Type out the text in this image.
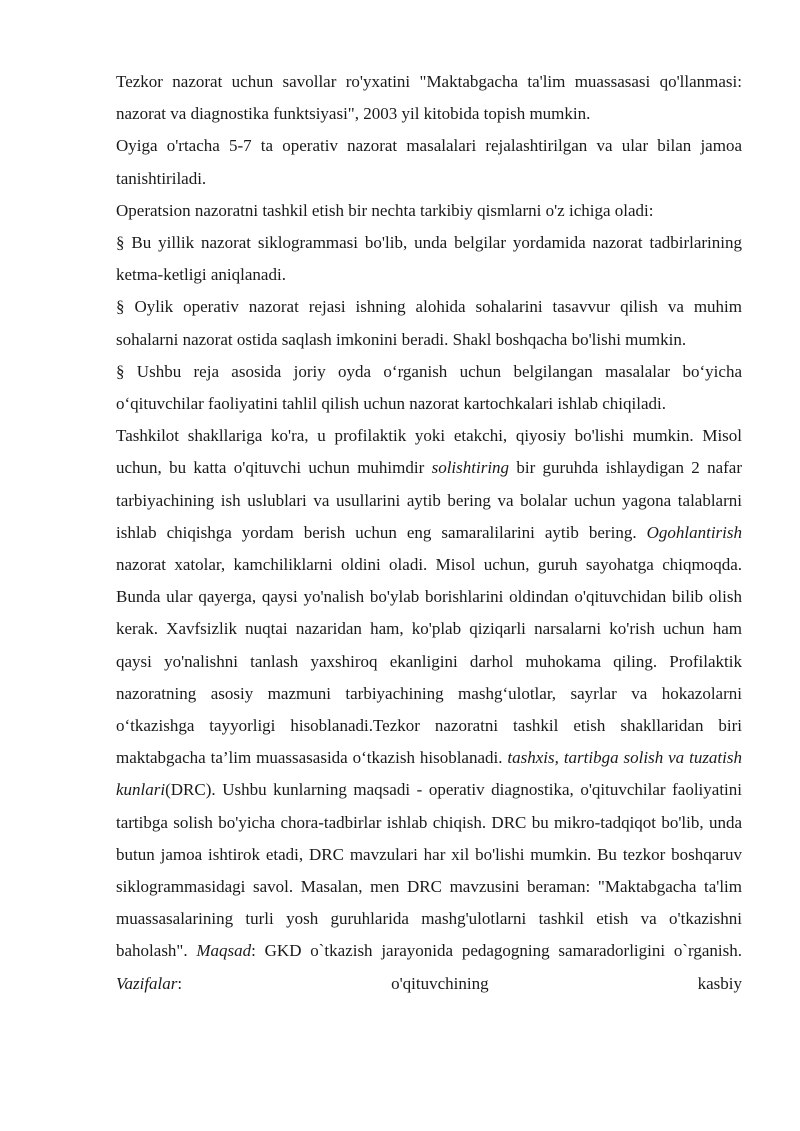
Tezkor nazorat uchun savollar ro'yxatini "Maktabgacha ta'lim muassasasi qo'llanmasi: nazorat va diagnostika funktsiyasi", 2003 yil kitobida topish mumkin.

Oyiga o'rtacha 5-7 ta operativ nazorat masalalari rejalashtirilgan va ular bilan jamoa tanishtiriladi.

Operatsion nazoratni tashkil etish bir nechta tarkibiy qismlarni o'z ichiga oladi:

§ Bu yillik nazorat siklogrammasi bo'lib, unda belgilar yordamida nazorat tadbirlarining ketma-ketligi aniqlanadi.

§ Oylik operativ nazorat rejasi ishning alohida sohalarini tasavvur qilish va muhim sohalarni nazorat ostida saqlash imkonini beradi. Shakl boshqacha bo'lishi mumkin.

§ Ushbu reja asosida joriy oyda o‘rganish uchun belgilangan masalalar bo‘yicha o‘qituvchilar faoliyatini tahlil qilish uchun nazorat kartochkalari ishlab chiqiladi.

Tashkilot shakllariga ko'ra, u profilaktik yoki etakchi, qiyosiy bo'lishi mumkin. Misol uchun, bu katta o'qituvchi uchun muhimdir solishtiring bir guruhda ishlaydigan 2 nafar tarbiyachining ish uslublari va usullarini aytib bering va bolalar uchun yagona talablarni ishlab chiqishga yordam berish uchun eng samaralilarini aytib bering. Ogohlantirish nazorat xatolar, kamchiliklarni oldini oladi. Misol uchun, guruh sayohatga chiqmoqda. Bunda ular qayerga, qaysi yo'nalish bo'ylab borishlarini oldindan o'qituvchidan bilib olish kerak. Xavfsizlik nuqtai nazaridan ham, ko'plab qiziqarli narsalarni ko'rish uchun ham qaysi yo'nalishni tanlash yaxshiroq ekanligini darhol muhokama qiling. Profilaktik nazoratning asosiy mazmuni tarbiyachining mashg‘ulotlar, sayrlar va hokazolarni o‘tkazishga tayyorligi hisoblanadi.Tezkor nazoratni tashkil etish shakllaridan biri maktabgacha ta’lim muassasasida o‘tkazish hisoblanadi. tashxis, tartibga solish va tuzatish kunlari(DRC). Ushbu kunlarning maqsadi - operativ diagnostika, o'qituvchilar faoliyatini tartibga solish bo'yicha chora-tadbirlar ishlab chiqish. DRC bu mikro-tadqiqot bo'lib, unda butun jamoa ishtirok etadi, DRC mavzulari har xil bo'lishi mumkin. Bu tezkor boshqaruv siklogrammasidagi savol. Masalan, men DRC mavzusini beraman: "Maktabgacha ta'lim muassasalarining turli yosh guruhlarida mashg'ulotlarni tashkil etish va o'tkazishni baholash". Maqsad: GKD o`tkazish jarayonida pedagogning samaradorligini o`rganish. Vazifalar: o'qituvchining kasbiy
